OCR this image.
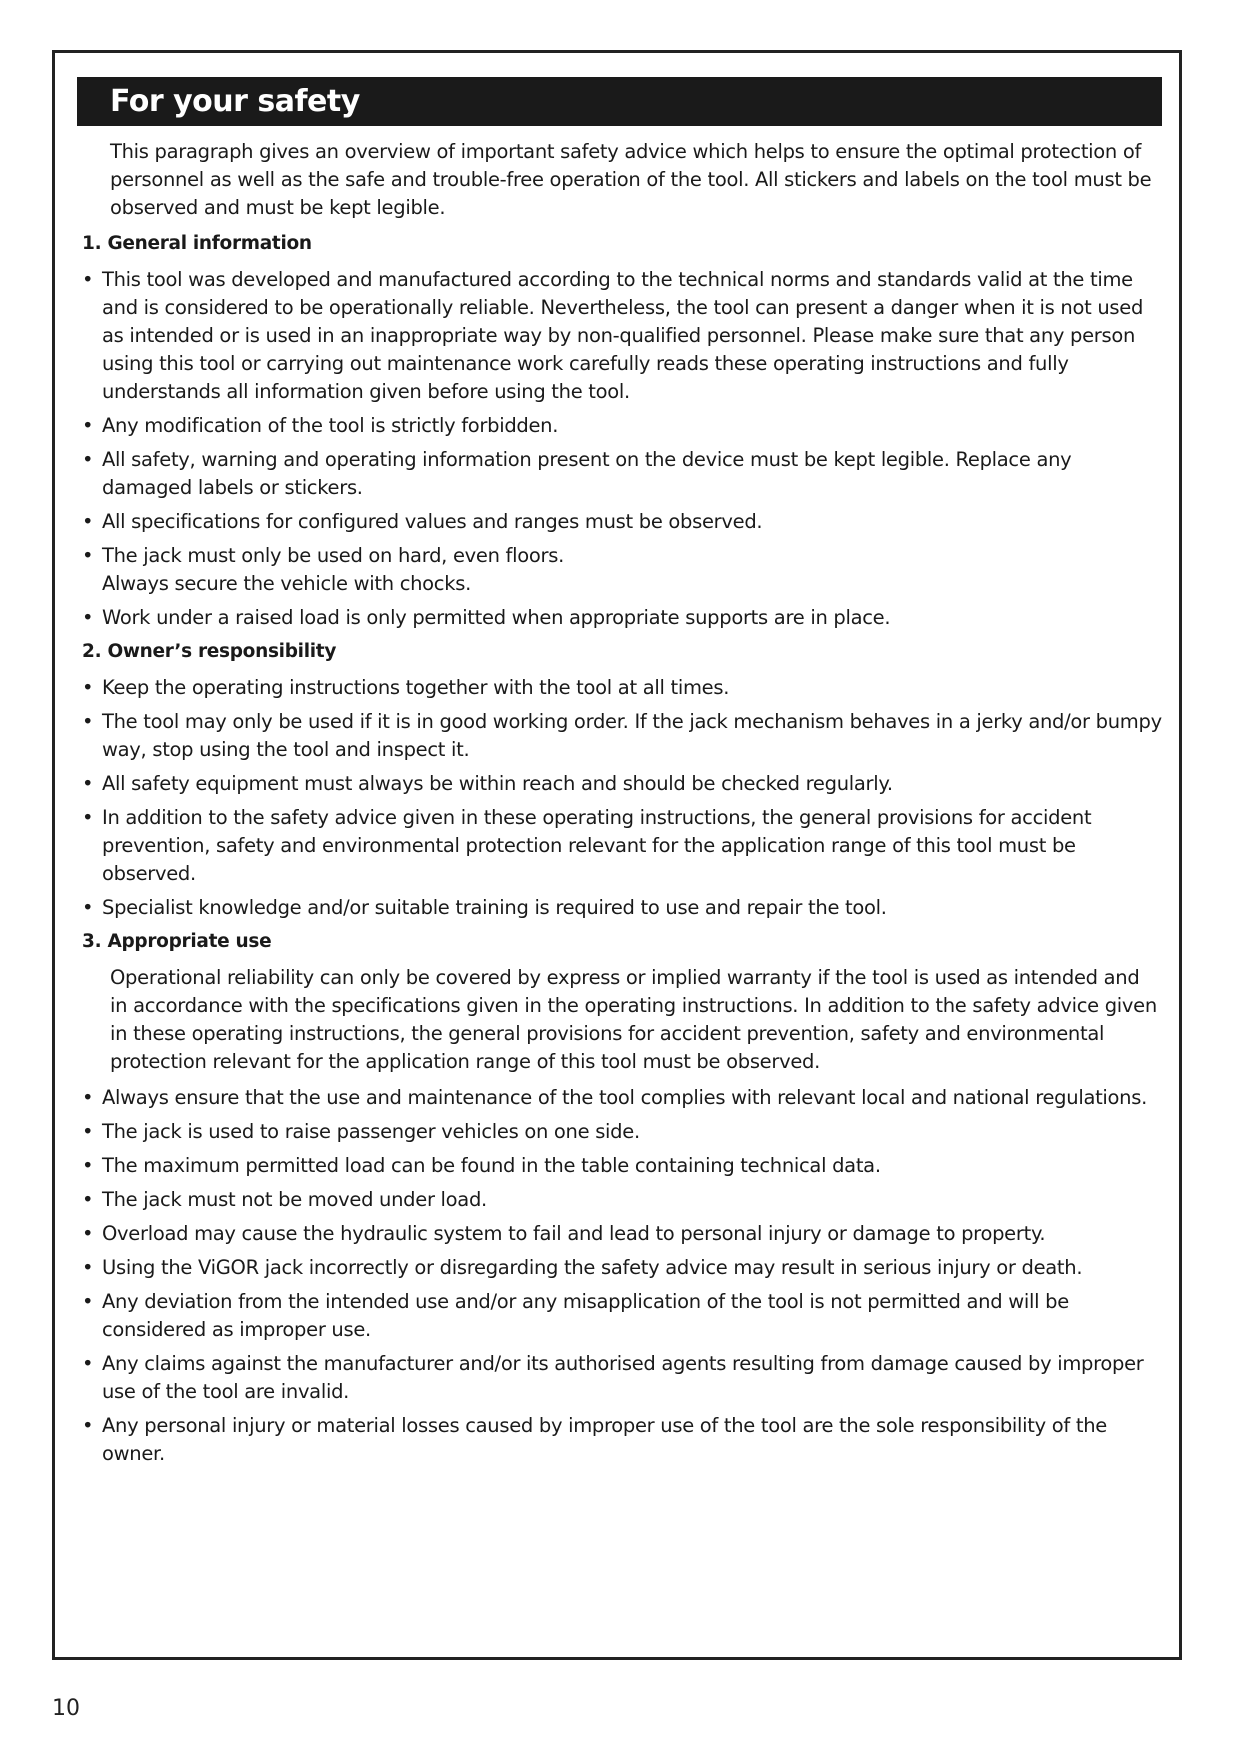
For your safety

This paragraph gives an overview of important safety advice which helps to ensure the optimal protection of personnel as well as the safe and trouble-free operation of the tool. All stickers and labels on the tool must be observed and must be kept legible.

1. General information
• This tool was developed and manufactured according to the technical norms and standards valid at the time and is considered to be operationally reliable. Nevertheless, the tool can present a danger when it is not used as intended or is used in an inappropriate way by non-qualified personnel. Please make sure that any person using this tool or carrying out maintenance work carefully reads these operating instructions and fully understands all information given before using the tool.
• Any modification of the tool is strictly forbidden.
• All safety, warning and operating information present on the device must be kept legible. Replace any damaged labels or stickers.
• All specifications for configured values and ranges must be observed.
• The jack must only be used on hard, even floors.
Always secure the vehicle with chocks.
• Work under a raised load is only permitted when appropriate supports are in place.
2. Owner’s responsibility
• Keep the operating instructions together with the tool at all times.
• The tool may only be used if it is in good working order. If the jack mechanism behaves in a jerky and/or bumpy way, stop using the tool and inspect it.
• All safety equipment must always be within reach and should be checked regularly.
• In addition to the safety advice given in these operating instructions, the general provisions for accident prevention, safety and environmental protection relevant for the application range of this tool must be observed.
• Specialist knowledge and/or suitable training is required to use and repair the tool.
3. Appropriate use

Operational reliability can only be covered by express or implied warranty if the tool is used as intended and in accordance with the specifications given in the operating instructions. In addition to the safety advice given in these operating instructions, the general provisions for accident prevention, safety and environmental protection relevant for the application range of this tool must be observed.

• Always ensure that the use and maintenance of the tool complies with relevant local and national regulations.
• The jack is used to raise passenger vehicles on one side.
• The maximum permitted load can be found in the table containing technical data.
• The jack must not be moved under load.
• Overload may cause the hydraulic system to fail and lead to personal injury or damage to property.
• Using the ViGOR jack incorrectly or disregarding the safety advice may result in serious injury or death.
• Any deviation from the intended use and/or any misapplication of the tool is not permitted and will be considered as improper use.
• Any claims against the manufacturer and/or its authorised agents resulting from damage caused by improper use of the tool are invalid.
• Any personal injury or material losses caused by improper use of the tool are the sole responsibility of the owner.
10
